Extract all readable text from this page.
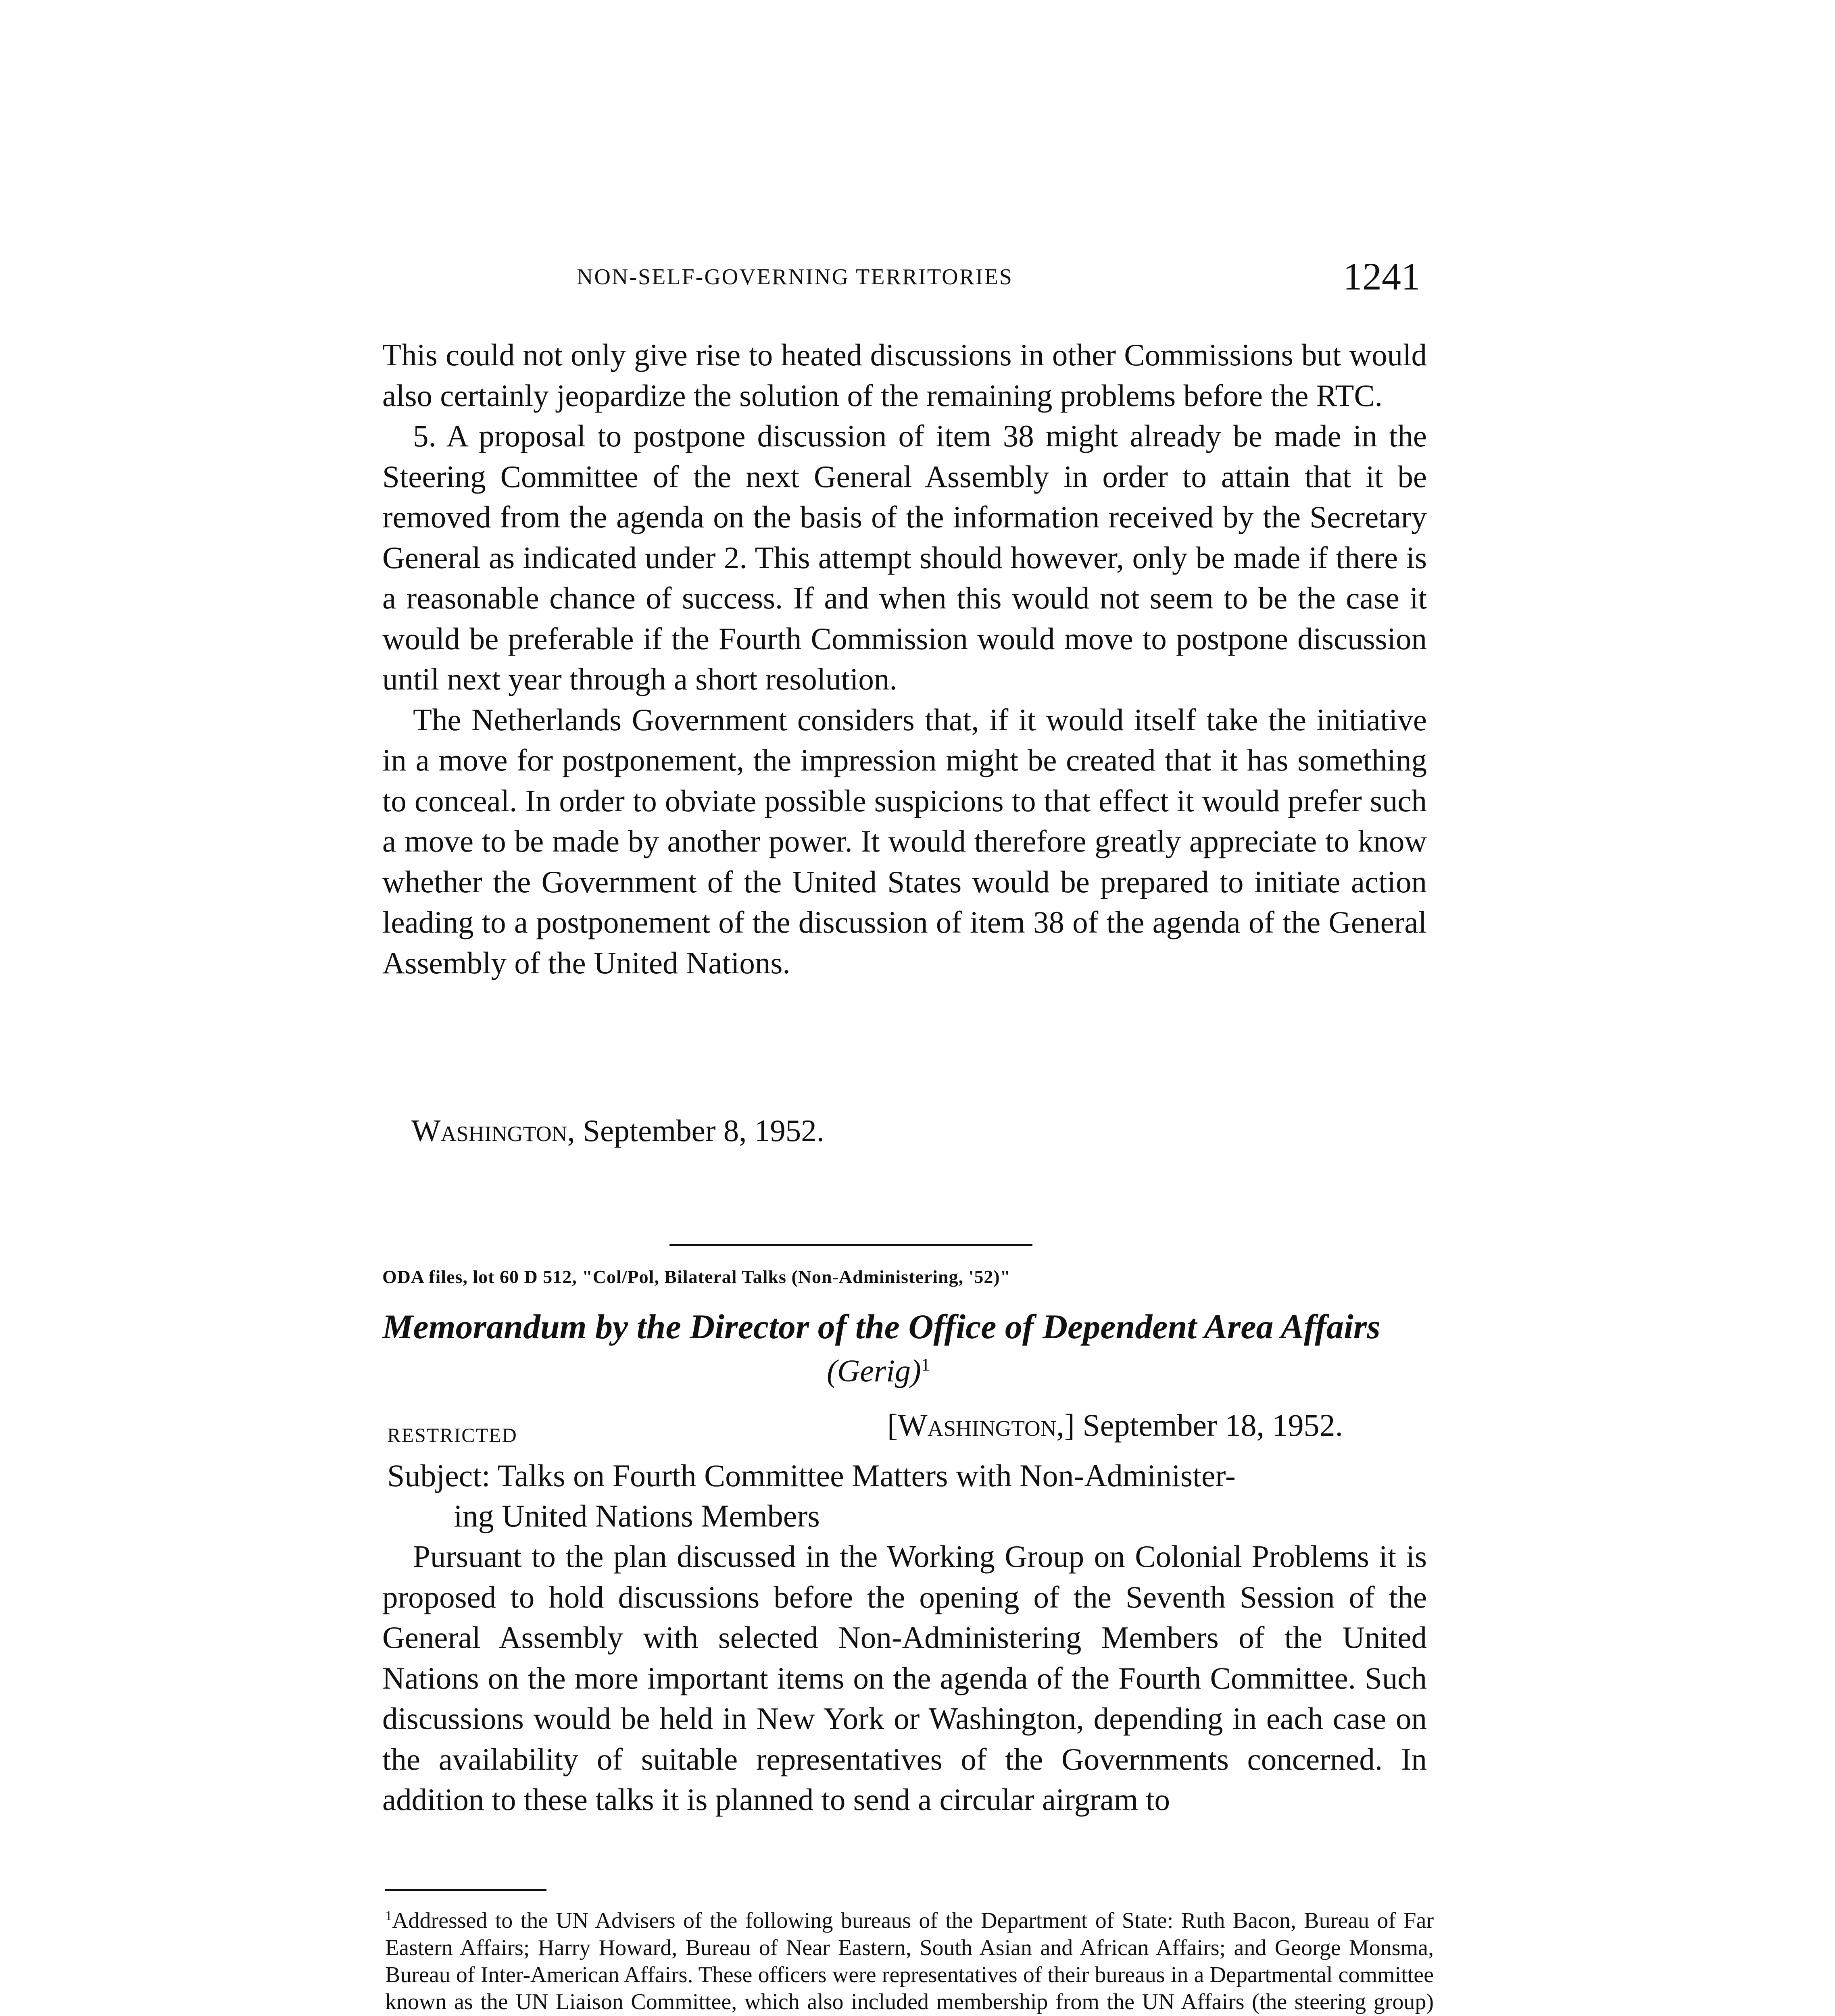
NON-SELF-GOVERNING TERRITORIES	1241

This could not only give rise to heated discussions in other Commissions but would also certainly jeopardize the solution of the remaining problems before the RTC.

5. A proposal to postpone discussion of item 38 might already be made in the Steering Committee of the next General Assembly in order to attain that it be removed from the agenda on the basis of the information received by the Secretary General as indicated under 2. This attempt should however, only be made if there is a reasonable chance of success. If and when this would not seem to be the case it would be preferable if the Fourth Commission would move to postpone discussion until next year through a short resolution.

The Netherlands Government considers that, if it would itself take the initiative in a move for postponement, the impression might be created that it has something to conceal. In order to obviate possible suspicions to that effect it would prefer such a move to be made by another power. It would therefore greatly appreciate to know whether the Government of the United States would be prepared to initiate action leading to a postponement of the discussion of item 38 of the agenda of the General Assembly of the United Nations.

Washington, September 8, 1952.
ODA files, lot 60 D 512, "Col/Pol, Bilateral Talks (Non-Administering, '52)"
Memorandum by the Director of the Office of Dependent Area Affairs
(Gerig)$^1$
RESTRICTED	[Washington,] September 18, 1952.
Subject: Talks on Fourth Committee Matters with Non-Administer-
ing United Nations Members

Pursuant to the plan discussed in the Working Group on Colonial Problems it is proposed to hold discussions before the opening of the Seventh Session of the General Assembly with selected Non-Administering Members of the United Nations on the more important items on the agenda of the Fourth Committee. Such discussions would be held in New York or Washington, depending in each case on the availability of suitable representatives of the Governments concerned. In addition to these talks it is planned to send a circular airgram to

$^1$Addressed to the UN Advisers of the following bureaus of the Department of State: Ruth Bacon, Bureau of Far Eastern Affairs; Harry Howard, Bureau of Near Eastern, South Asian and African Affairs; and George Monsma, Bureau of Inter-American Affairs. These officers were representatives of their bureaus in a Departmental committee known as the UN Liaison Committee, which also included membership from the UN Affairs (the steering group)
